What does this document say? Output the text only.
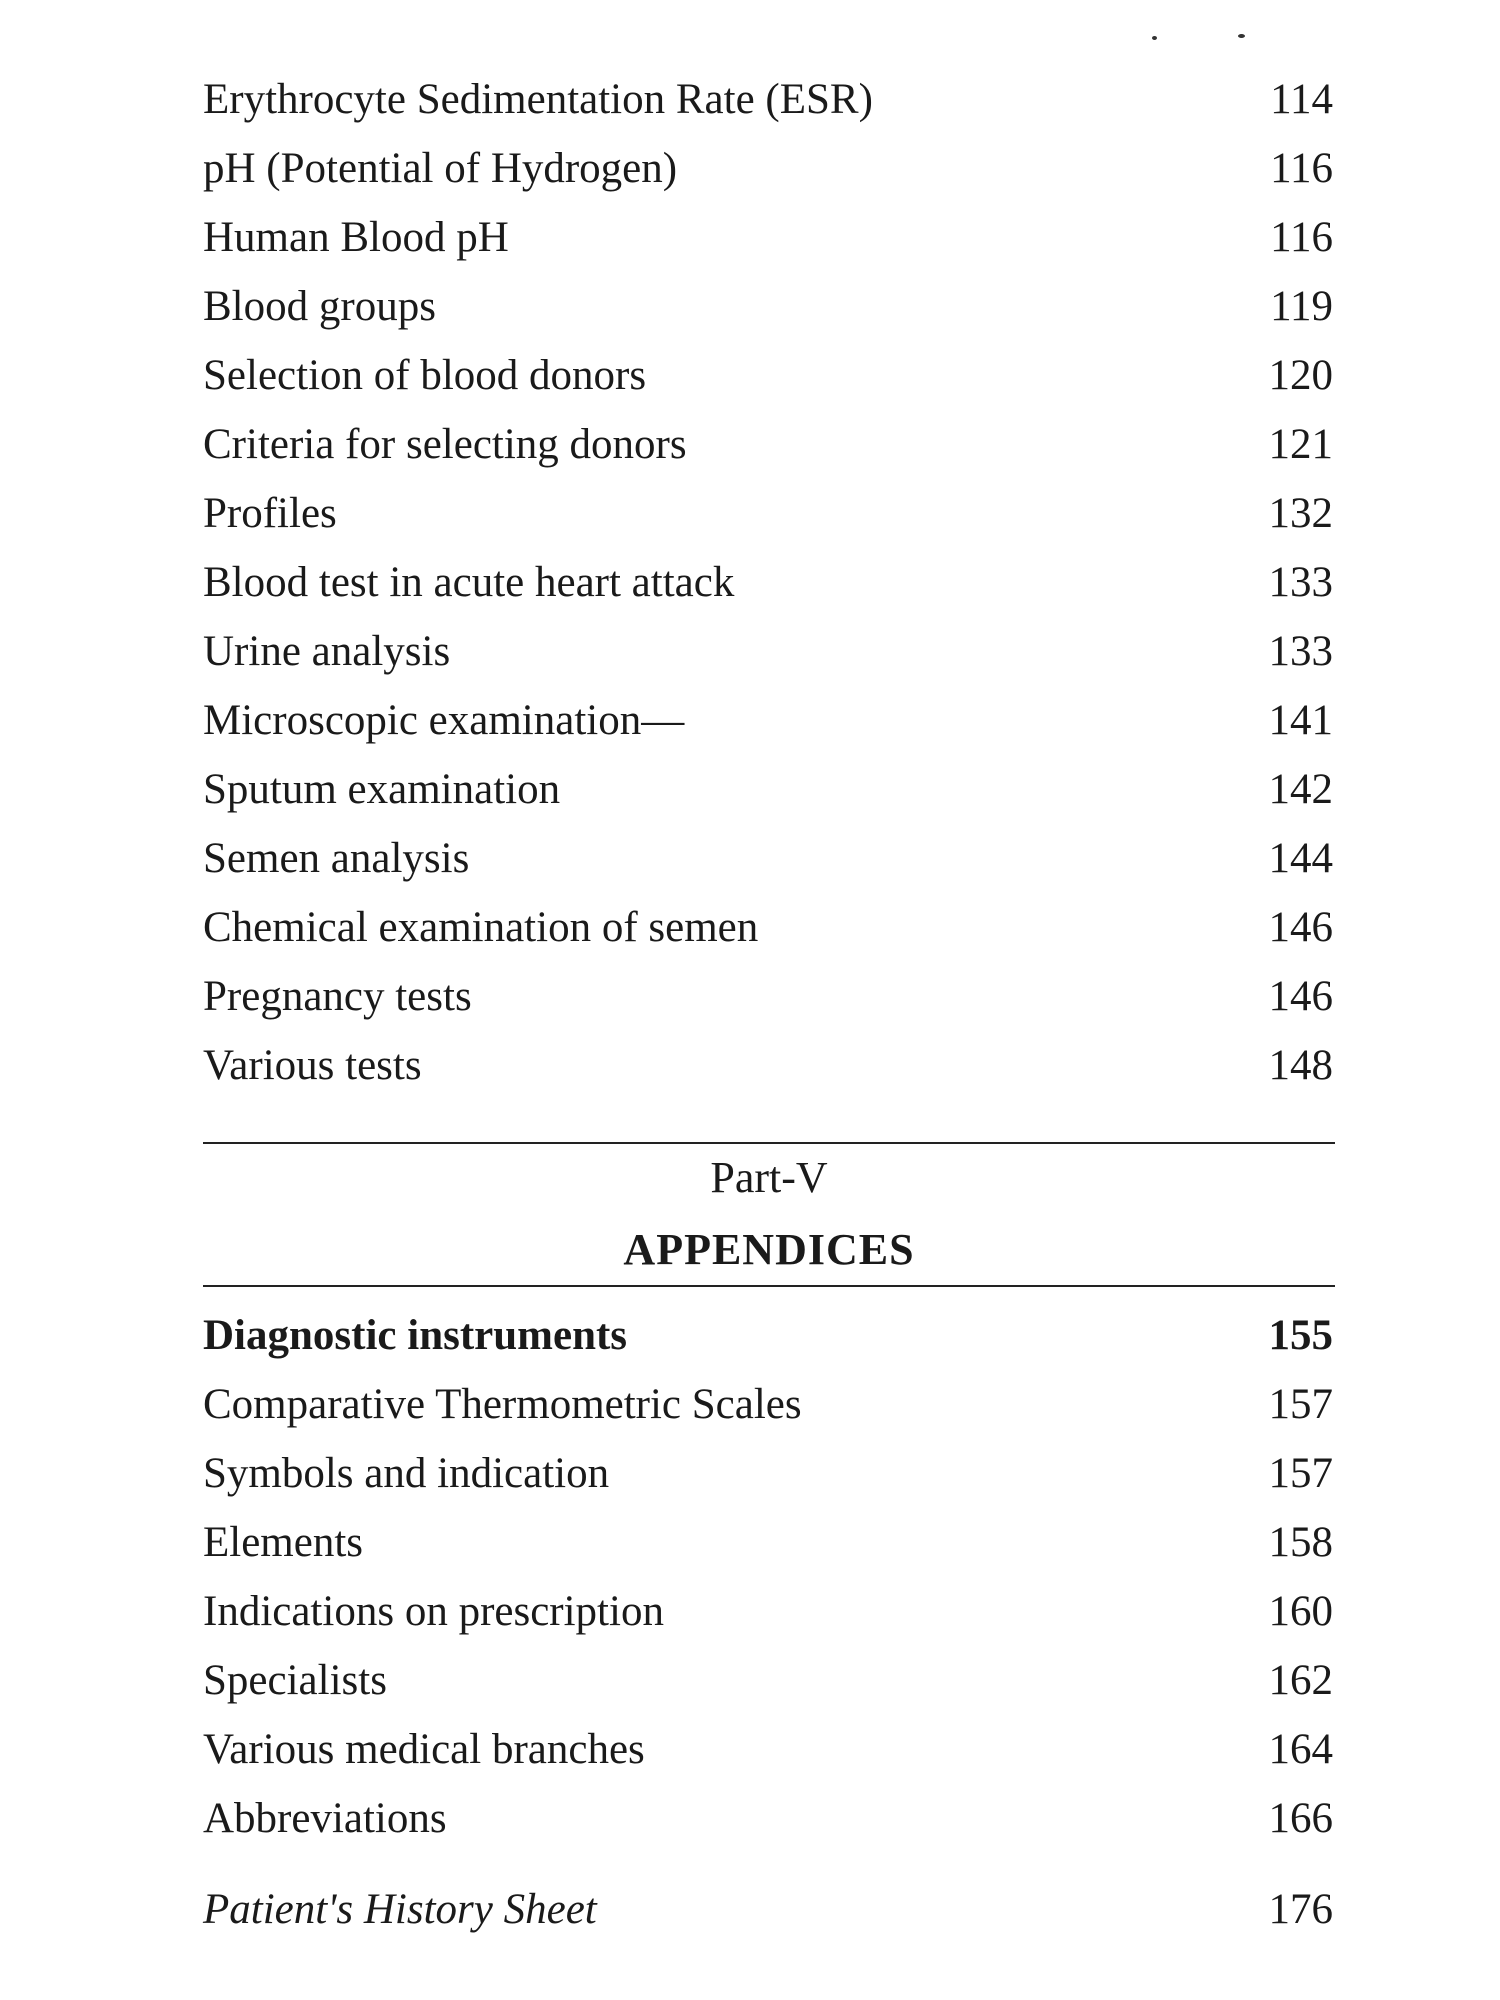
Erythrocyte Sedimentation Rate (ESR)	114
pH (Potential of Hydrogen)	116
Human Blood pH	116
Blood groups	119
Selection of blood donors	120
Criteria for selecting donors	121
Profiles	132
Blood test in acute heart attack	133
Urine analysis	133
Microscopic examination—	141
Sputum examination	142
Semen analysis	144
Chemical examination of semen	146
Pregnancy tests	146
Various tests	148
Part-V
APPENDICES
Diagnostic instruments	155
Comparative Thermometric Scales	157
Symbols and indication	157
Elements	158
Indications on prescription	160
Specialists	162
Various medical branches	164
Abbreviations	166
Patient's History Sheet	176
